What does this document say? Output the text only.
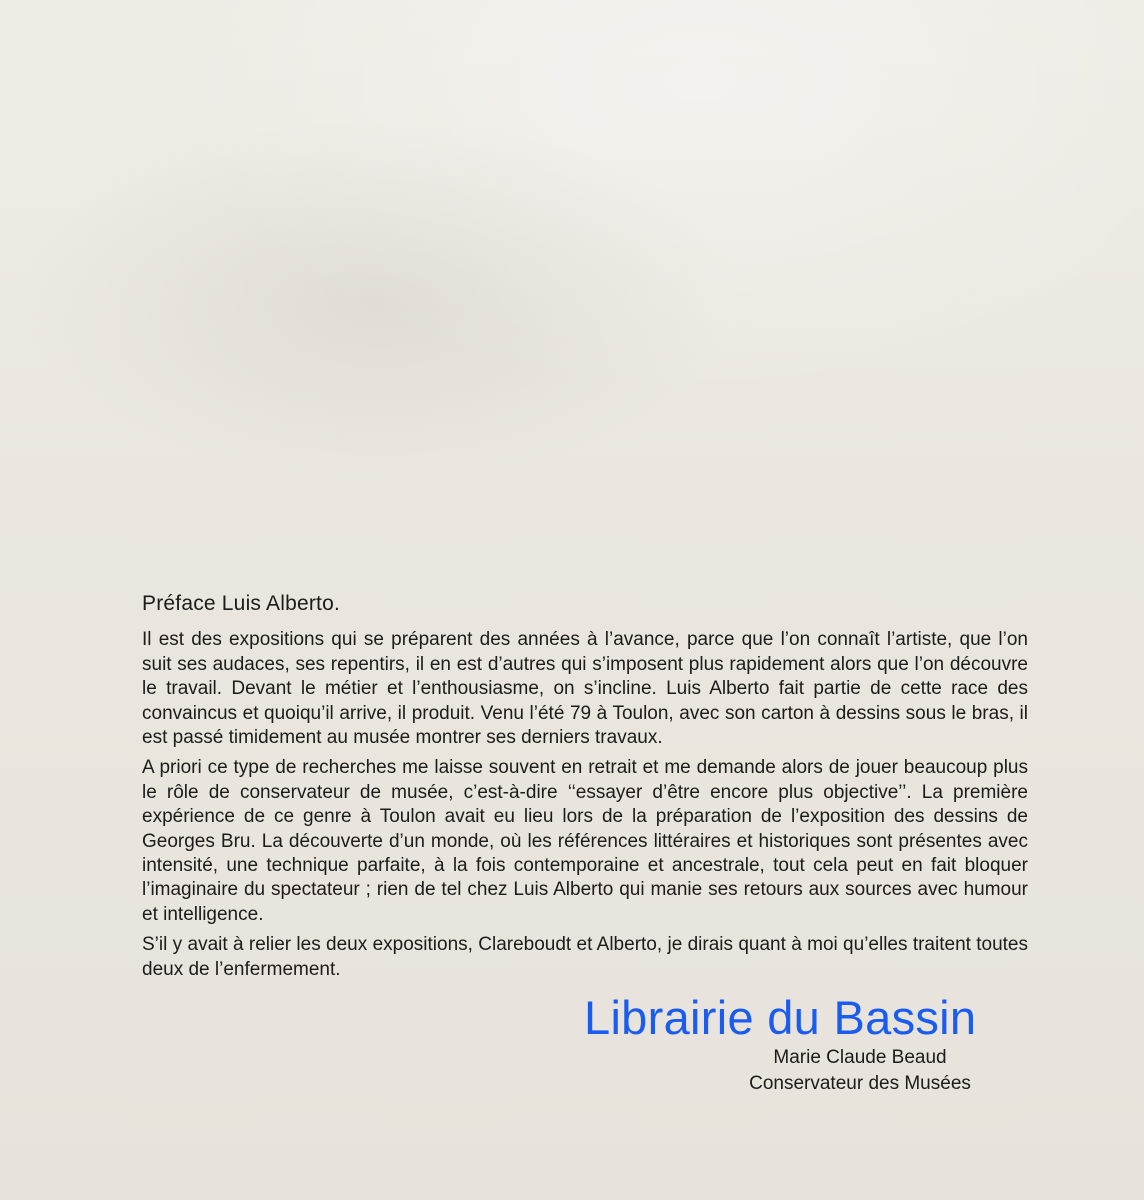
Préface Luis Alberto.

Il est des expositions qui se préparent des années à l’avance, parce que l’on connaît l’artiste, que l’on suit ses audaces, ses repentirs, il en est d’autres qui s’imposent plus rapidement alors que l’on découvre le travail. Devant le métier et l’enthousiasme, on s’incline. Luis Alberto fait partie de cette race des convaincus et quoiqu’il arrive, il produit. Venu l’été 79 à Toulon, avec son carton à dessins sous le bras, il est passé timidement au musée montrer ses derniers travaux.

A priori ce type de recherches me laisse souvent en retrait et me demande alors de jouer beaucoup plus le rôle de conservateur de musée, c’est-à-dire ‘‘essayer d’être encore plus objective’’. La première expérience de ce genre à Toulon avait eu lieu lors de la préparation de l’exposition des dessins de Georges Bru. La découverte d’un monde, où les références littéraires et historiques sont présentes avec intensité, une technique parfaite, à la fois contemporaine et ancestrale, tout cela peut en fait bloquer l’imaginaire du spectateur ; rien de tel chez Luis Alberto qui manie ses retours aux sources avec humour et intelligence.

S’il y avait à relier les deux expositions, Clareboudt et Alberto, je dirais quant à moi qu’elles traitent toutes deux de l’enfermement.

Librairie du Bassin
Marie Claude Beaud
Conservateur des Musées
